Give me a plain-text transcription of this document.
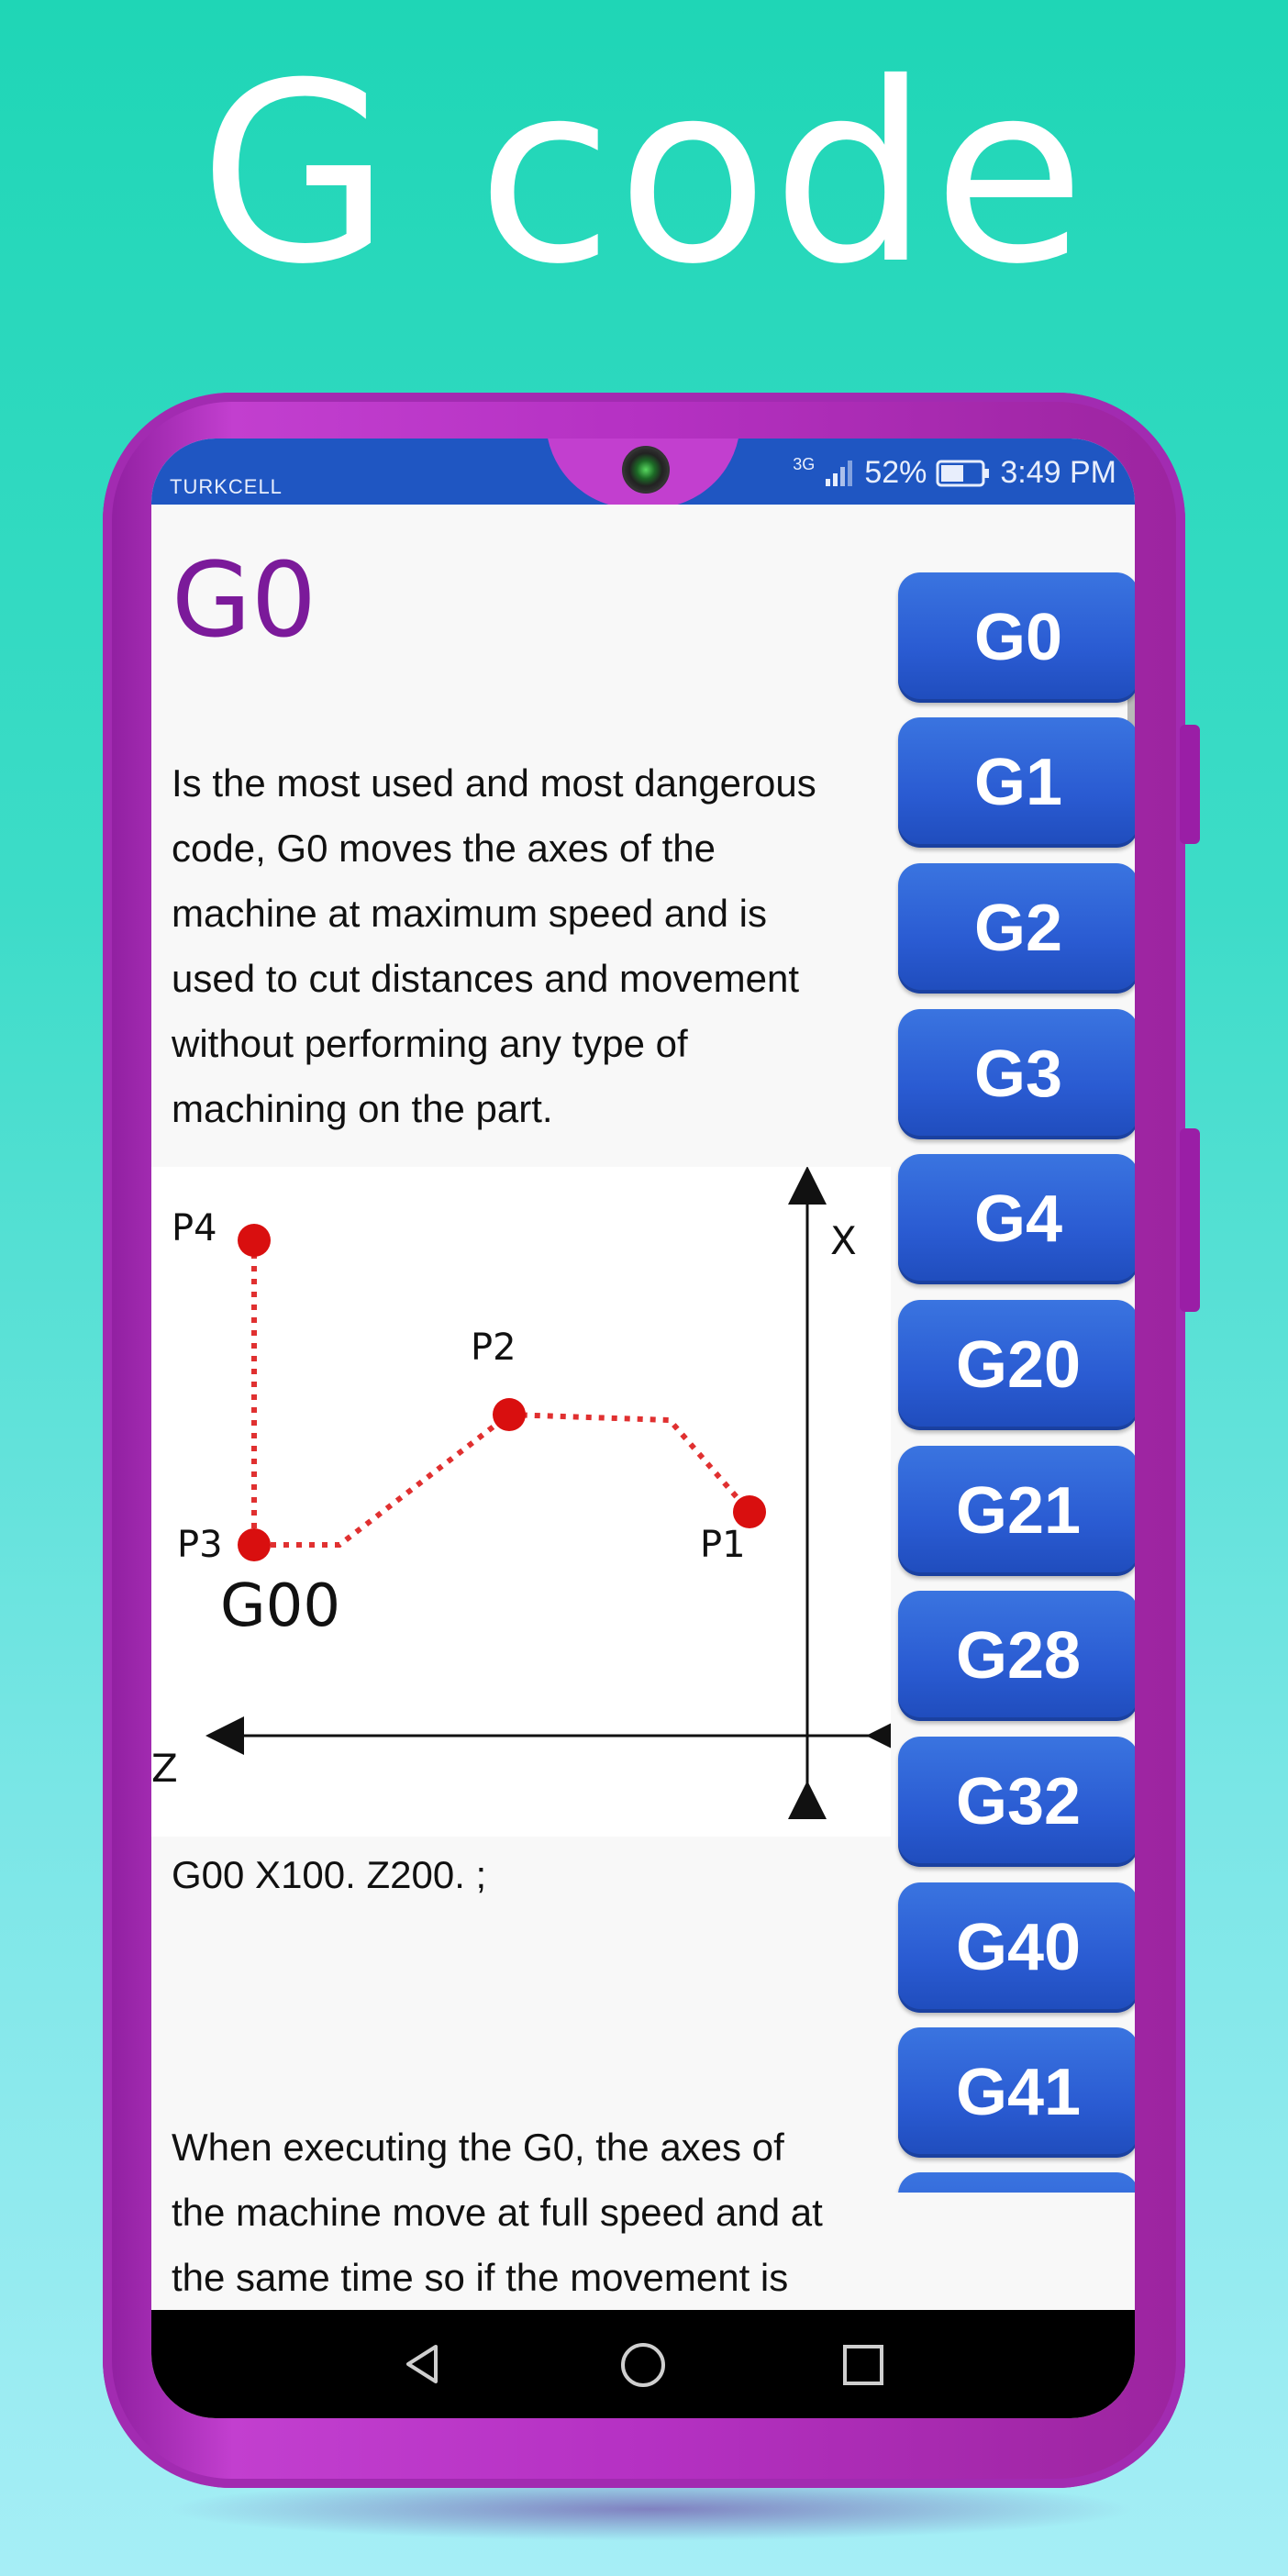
G code
TURKCELL
3G 52% 3:49 PM
G0
Is the most used and most dangerous
code, G0 moves the axes of the
machine at maximum speed and is
used to cut distances and movement
without performing any type of
machining on the part.
X
Z
P4
P3
P2
P1
G00
G00 X100. Z200. ;
When executing the G0, the axes of
the machine move at full speed and at
the same time so if the movement is
G0
G1
G2
G3
G4
G20
G21
G28
G32
G40
G41
